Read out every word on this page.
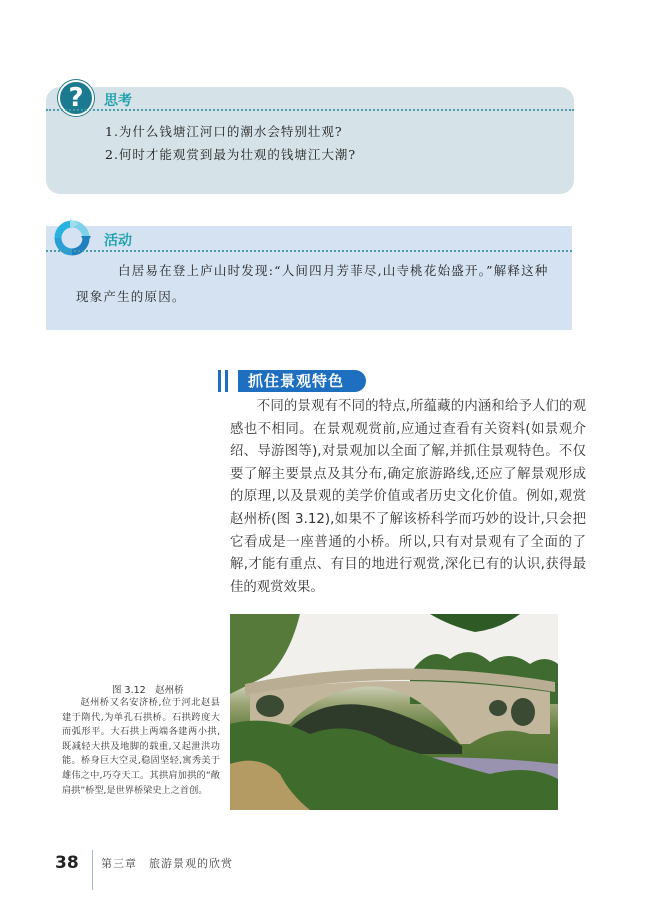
?	思考
1.为什么钱塘江河口的潮水会特别壮观?
2.何时才能观赏到最为壮观的钱塘江大潮?
活动
白居易在登上庐山时发现:“人间四月芳菲尽,山寺桃花始盛开。”解释这种
现象产生的原因。
抓住景观特色

不同的景观有不同的特点,所蕴藏的内涵和给予人们的观感也不相同。在景观观赏前,应通过查看有关资料(如景观介绍、导游图等),对景观加以全面了解,并抓住景观特色。不仅要了解主要景点及其分布,确定旅游路线,还应了解景观形成的原理,以及景观的美学价值或者历史文化价值。例如,观赏赵州桥(图 3.12),如果不了解该桥科学而巧妙的设计,只会把它看成是一座普通的小桥。所以,只有对景观有了全面的了解,才能有重点、有目的地进行观赏,深化已有的认识,获得最佳的观赏效果。

图 3.12　赵州桥

赵州桥又名安济桥,位于河北赵县建于隋代,为单孔石拱桥。石拱跨度大而弧形平。大石拱上两端各建两小拱,既减轻大拱及地脚的载重,又起泄洪功能。桥身巨大空灵,稳固坚轻,寓秀美于雄伟之中,巧夺天工。其拱肩加拱的“敞肩拱”桥型,是世界桥梁史上之首创。

38 第三章　旅游景观的欣赏
